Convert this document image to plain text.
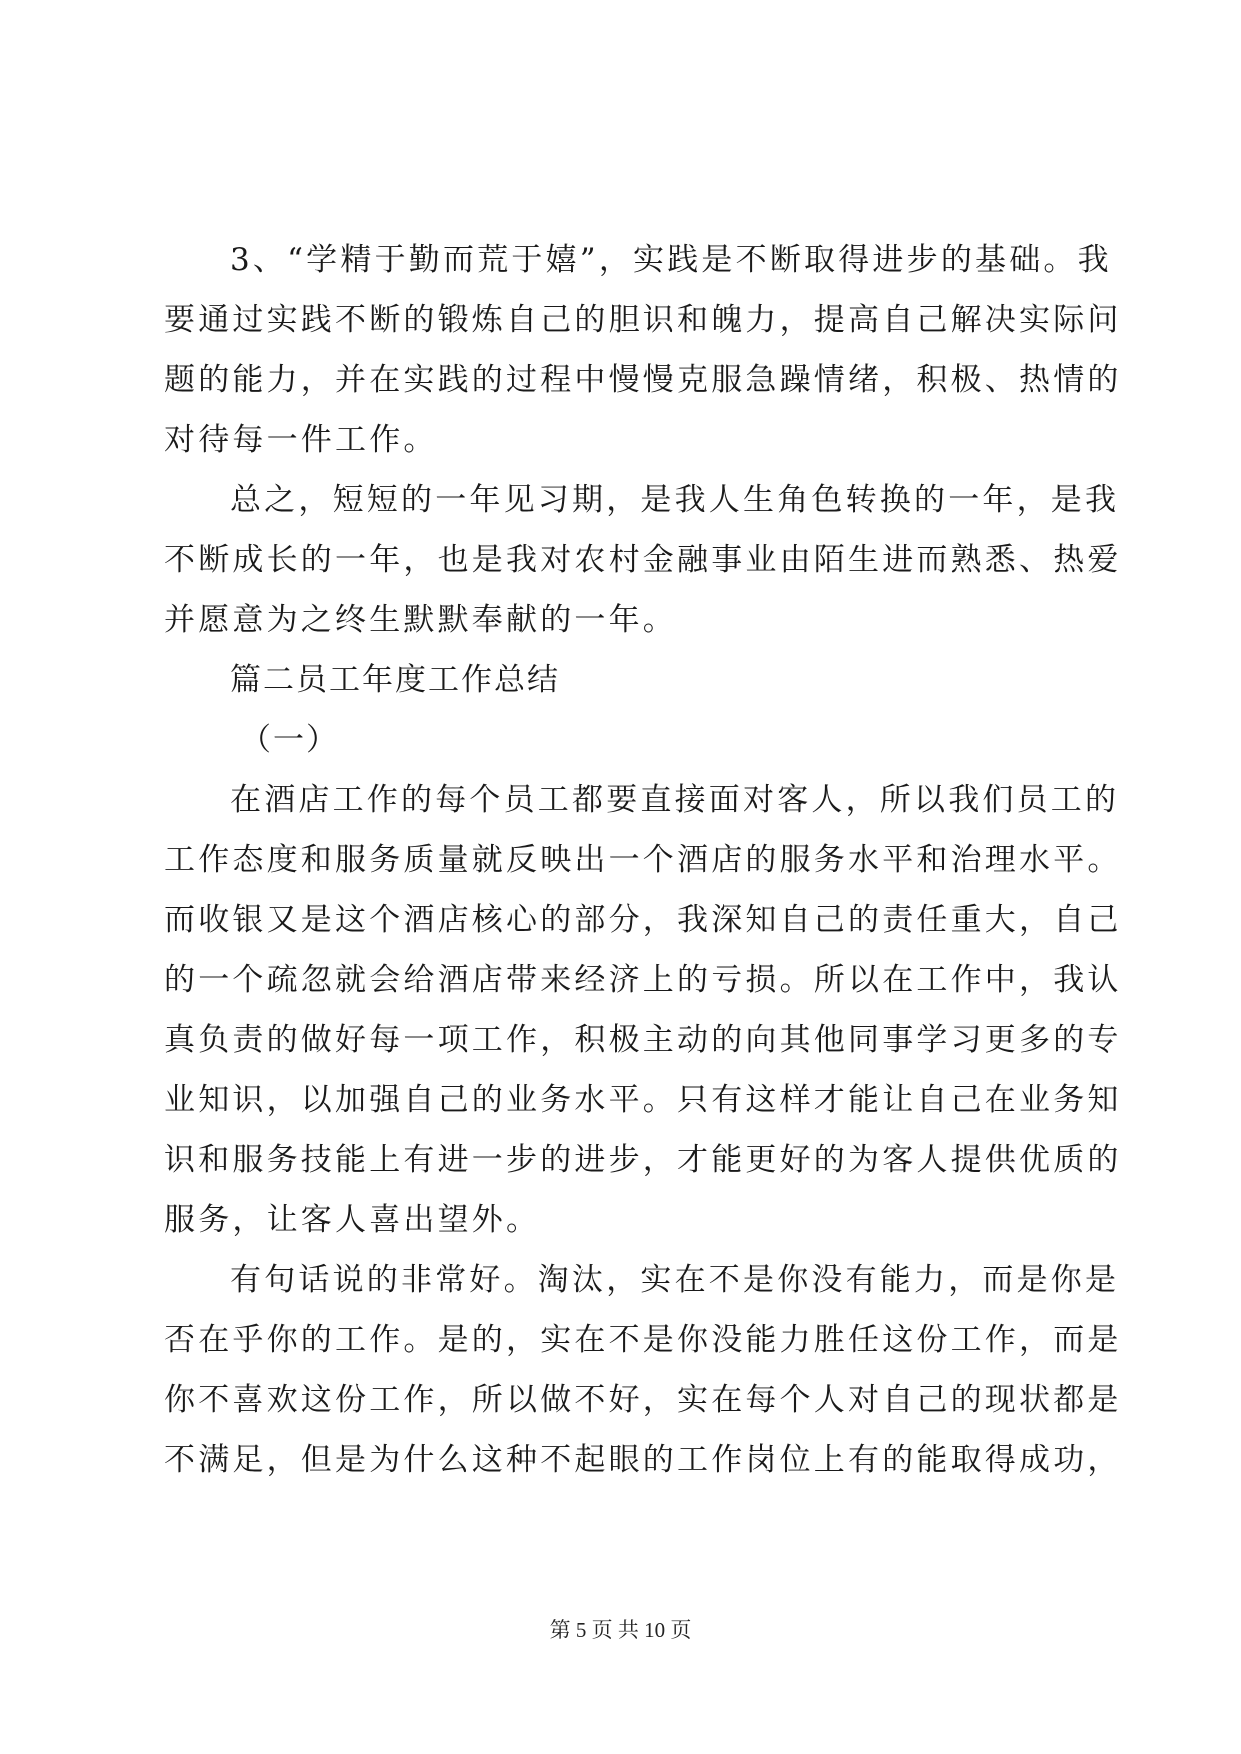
3、“学精于勤而荒于嬉”，实践是不断取得进步的基础。我
要通过实践不断的锻炼自己的胆识和魄力，提高自己解决实际问
题的能力，并在实践的过程中慢慢克服急躁情绪，积极、热情的
对待每一件工作。
总之，短短的一年见习期，是我人生角色转换的一年，是我
不断成长的一年，也是我对农村金融事业由陌生进而熟悉、热爱
并愿意为之终生默默奉献的一年。
篇二员工年度工作总结
（一）
在酒店工作的每个员工都要直接面对客人，所以我们员工的
工作态度和服务质量就反映出一个酒店的服务水平和治理水平。
而收银又是这个酒店核心的部分，我深知自己的责任重大，自己
的一个疏忽就会给酒店带来经济上的亏损。所以在工作中，我认
真负责的做好每一项工作，积极主动的向其他同事学习更多的专
业知识，以加强自己的业务水平。只有这样才能让自己在业务知
识和服务技能上有进一步的进步，才能更好的为客人提供优质的
服务，让客人喜出望外。
有句话说的非常好。淘汰，实在不是你没有能力，而是你是
否在乎你的工作。是的，实在不是你没能力胜任这份工作，而是
你不喜欢这份工作，所以做不好，实在每个人对自己的现状都是
不满足，但是为什么这种不起眼的工作岗位上有的能取得成功，
第 5 页 共 10 页
